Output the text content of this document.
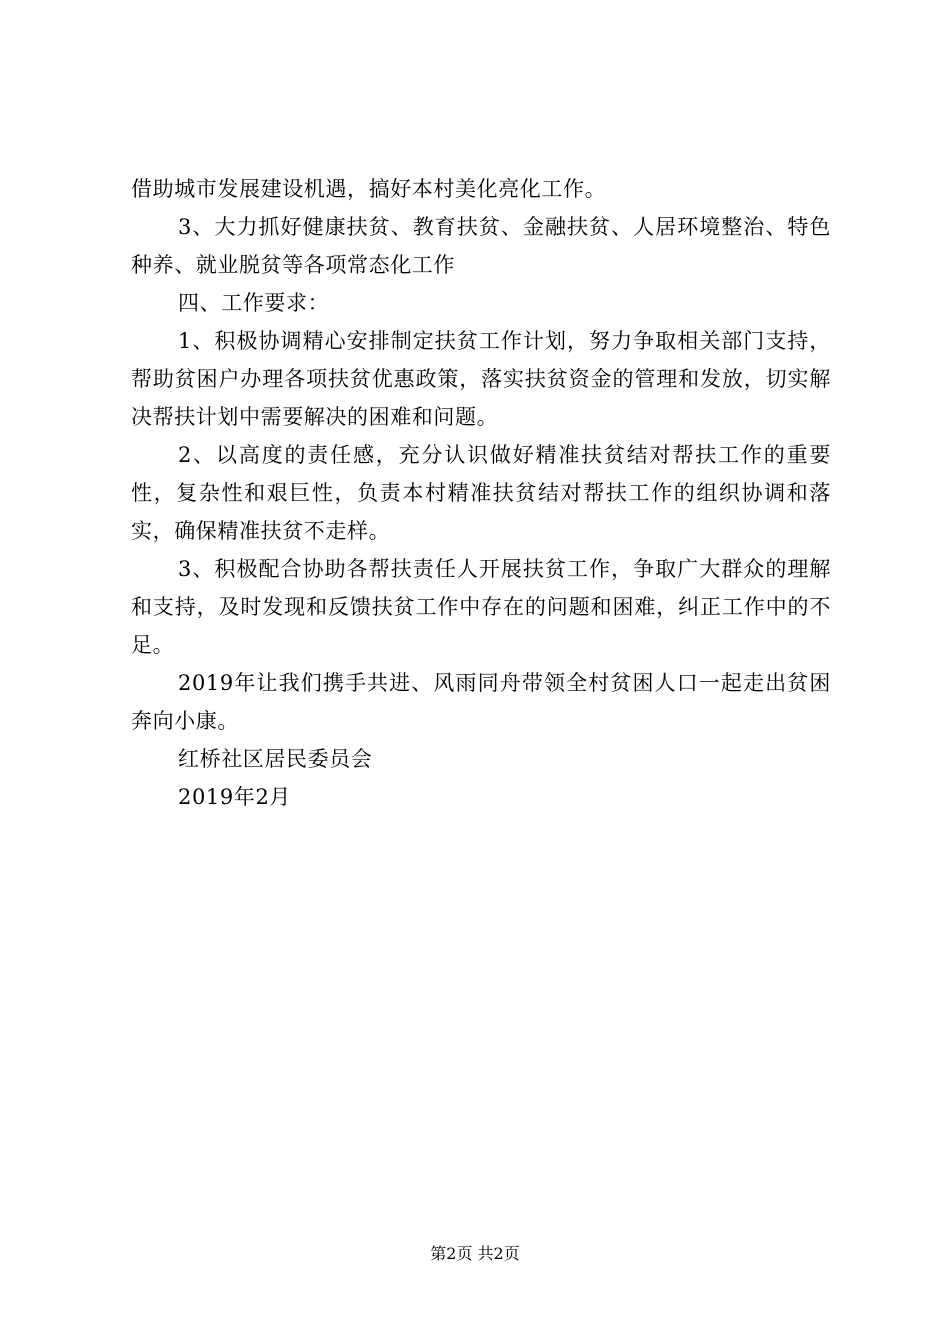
借助城市发展建设机遇，搞好本村美化亮化工作。

3、大力抓好健康扶贫、教育扶贫、金融扶贫、人居环境整治、特色种养、就业脱贫等各项常态化工作

四、工作要求：

1、积极协调精心安排制定扶贫工作计划，努力争取相关部门支持，帮助贫困户办理各项扶贫优惠政策，落实扶贫资金的管理和发放，切实解决帮扶计划中需要解决的困难和问题。

2、以高度的责任感，充分认识做好精准扶贫结对帮扶工作的重要性，复杂性和艰巨性，负责本村精准扶贫结对帮扶工作的组织协调和落实，确保精准扶贫不走样。

3、积极配合协助各帮扶责任人开展扶贫工作，争取广大群众的理解和支持，及时发现和反馈扶贫工作中存在的问题和困难，纠正工作中的不足。

2019年让我们携手共进、风雨同舟带领全村贫困人口一起走出贫困奔向小康。

红桥社区居民委员会

2019年2月

第2页 共2页
